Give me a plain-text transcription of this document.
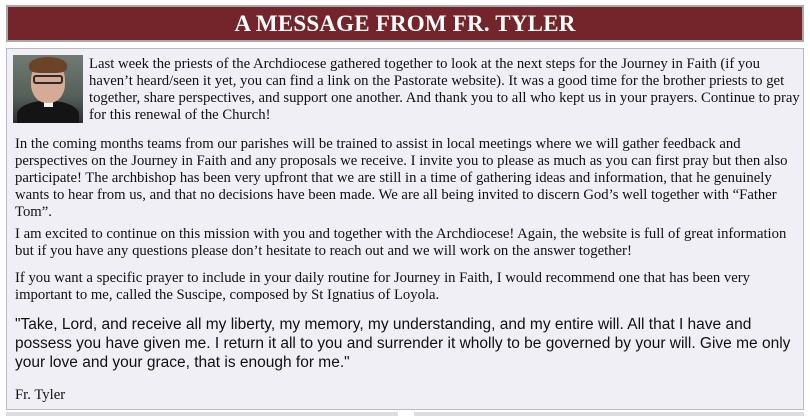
A MESSAGE FROM FR. TYLER

Last week the priests of the Archdiocese gathered together to look at the next steps for the Journey in Faith (if you haven’t heard/seen it yet, you can find a link on the Pastorate website). It was a good time for the brother priests to get together, share perspectives, and support one another. And thank you to all who kept us in your prayers. Continue to pray for this renewal of the Church!

In the coming months teams from our parishes will be trained to assist in local meetings where we will gather feedback and perspectives on the Journey in Faith and any proposals we receive. I invite you to please as much as you can first pray but then also participate! The archbishop has been very upfront that we are still in a time of gathering ideas and information, that he genuinely wants to hear from us, and that no decisions have been made. We are all being invited to discern God’s well together with “Father Tom”.

I am excited to continue on this mission with you and together with the Archdiocese! Again, the website is full of great information but if you have any questions please don’t hesitate to reach out and we will work on the answer together!

If you want a specific prayer to include in your daily routine for Journey in Faith, I would recommend one that has been very important to me, called the Suscipe, composed by St Ignatius of Loyola.

"Take, Lord, and receive all my liberty, my memory, my understanding, and my entire will. All that I have and possess you have given me. I return it all to you and surrender it wholly to be governed by your will. Give me only your love and your grace, that is enough for me."

Fr. Tyler
